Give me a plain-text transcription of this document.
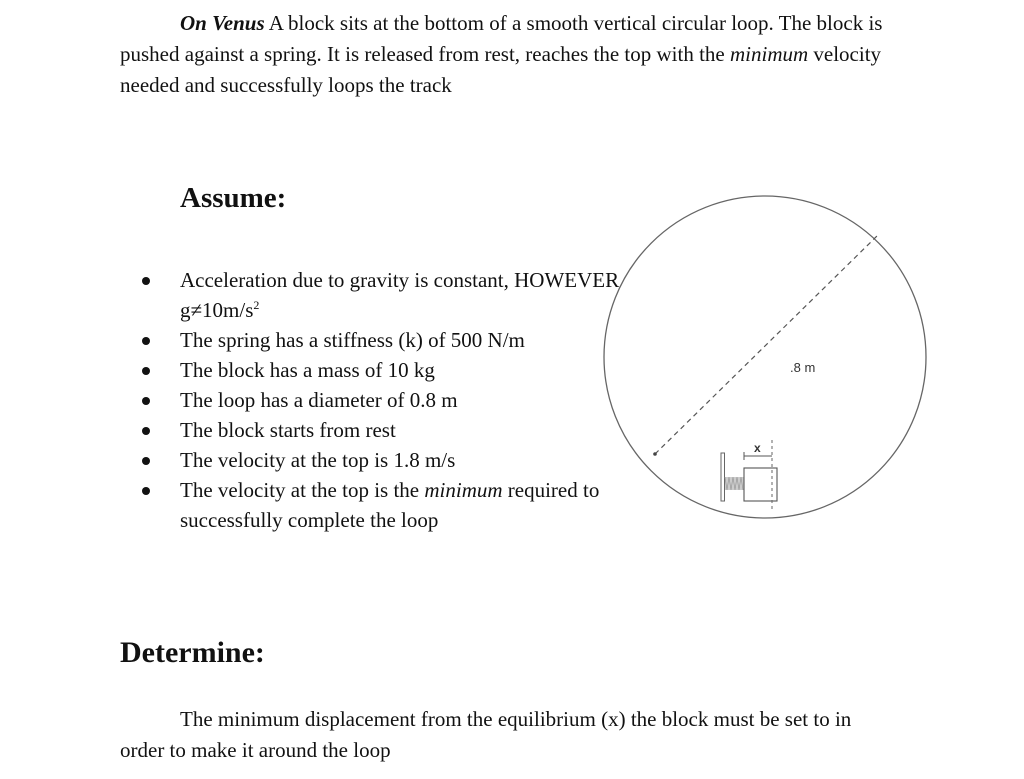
On Venus A block sits at the bottom of a smooth vertical circular loop. The block is pushed against a spring. It is released from rest, reaches the top with the minimum velocity needed and successfully loops the track

Assume:
Acceleration due to gravity is constant, HOWEVER $g\ne 10m/s^2$
The spring has a stiffness (k) of 500 N/m
The block has a mass of 10 kg
The loop has a diameter of 0.8 m
The block starts from rest
The velocity at the top is 1.8 m/s
The velocity at the top is the minimum required to successfully complete the loop
.8 m
x
Determine:

The minimum displacement from the equilibrium (x) the block must be set to in order to make it around the loop
